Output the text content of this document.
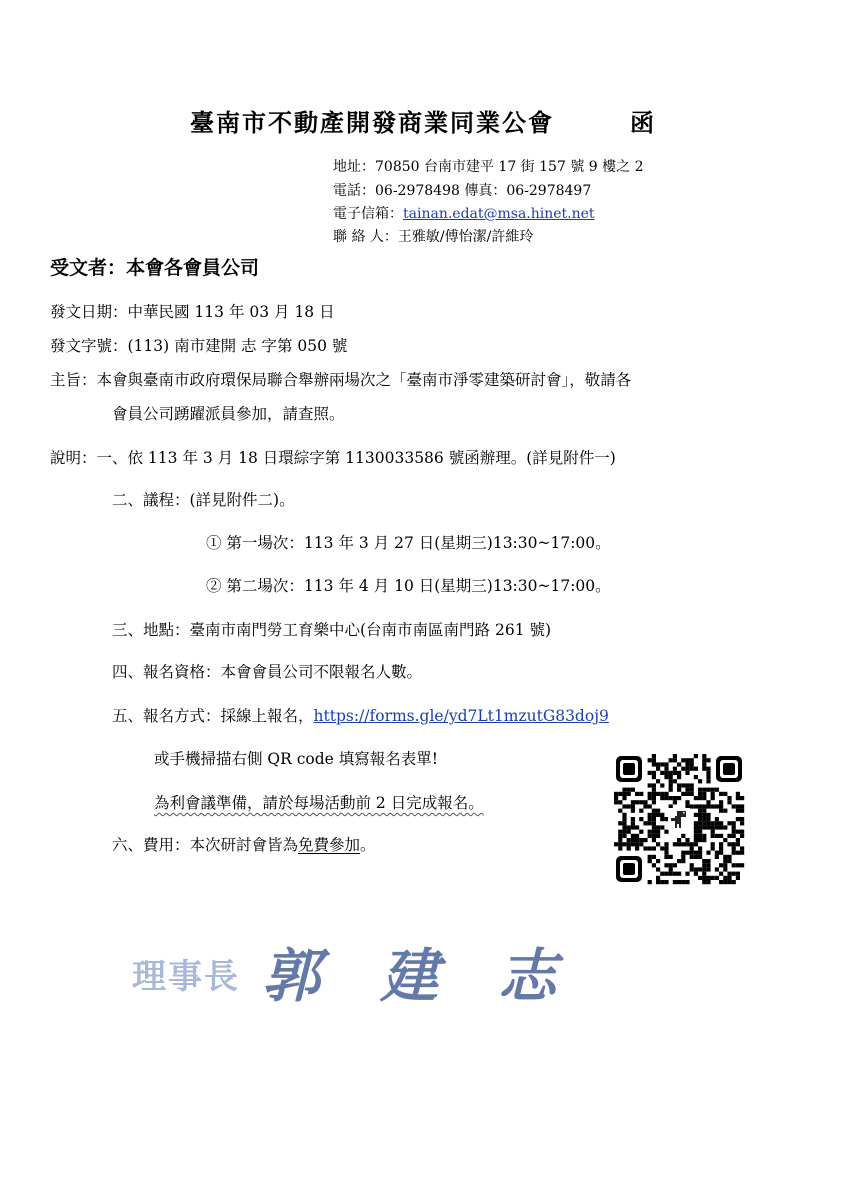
臺南市不動產開發商業同業公會	函
地址：70850 台南市建平 17 街 157 號 9 樓之 2
電話：06-2978498 傳真：06-2978497
電子信箱：tainan.edat@msa.hinet.net
聯 絡 人：王雅敏/傅怡潔/許維玲
受文者：本會各會員公司
發文日期：中華民國 113 年 03 月 18 日
發文字號：(113) 南市建開 志 字第 050 號
主旨：本會與臺南市政府環保局聯合舉辦兩場次之「臺南市淨零建築研討會」，敬請各
會員公司踴躍派員參加，請查照。
說明：一、依 113 年 3 月 18 日環綜字第 1130033586 號函辦理。(詳見附件一)
二、議程：(詳見附件二)。
① 第一場次：113 年 3 月 27 日(星期三)13:30~17:00。
② 第二場次：113 年 4 月 10 日(星期三)13:30~17:00。
三、地點：臺南市南門勞工育樂中心(台南市南區南門路 261 號)
四、報名資格：本會會員公司不限報名人數。
五、報名方式：採線上報名，https://forms.gle/yd7Lt1mzutG83doj9
或手機掃描右側 QR code 填寫報名表單!
為利會議準備，請於每場活動前 2 日完成報名。
六、費用：本次研討會皆為免費參加。
理事長 郭 建 志
